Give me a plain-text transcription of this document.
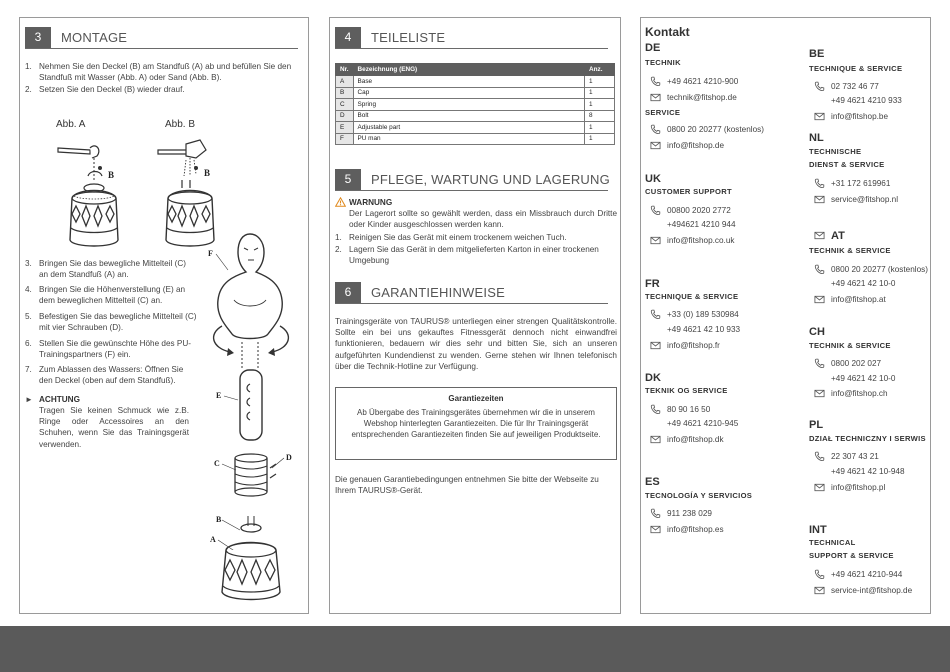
3	MONTAGE
1. Nehmen Sie den Deckel (B) am Standfuß (A) ab und befüllen Sie den Standfuß mit Wasser (Abb. A) oder Sand (Abb. B).
2. Setzen Sie den Deckel (B) wieder drauf.
Abb. A	Abb. B
B	B
3. Bringen Sie das bewegliche Mittelteil (C) an dem Standfuß (A) an.
4. Bringen Sie die Höhenverstellung (E) an dem beweglichen Mittelteil (C) an.
5. Befestigen Sie das bewegliche Mittelteil (C) mit vier Schrauben (D).
6. Stellen Sie die gewünschte Höhe des PU-Trainingspartners (F) ein.
7. Zum Ablassen des Wassers: Öffnen Sie den Deckel (oben auf dem Standfuß).
► ACHTUNG
Tragen Sie keinen Schmuck wie z.B. Ringe oder Accessoires an den Schuhen, wenn Sie das Trainingsgerät verwenden.
F
E
C
D
B
A
4	TEILELISTE
Nr.	Bezeichnung (ENG)	Anz.
A	Base	1
B	Cap	1
C	Spring	1
D	Bolt	8
E	Adjustable part	1
F	PU man	1
5	PFLEGE, WARTUNG UND LAGERUNG
WARNUNG
Der Lagerort sollte so gewählt werden, dass ein Missbrauch durch Dritte oder Kinder ausgeschlossen werden kann.
1. Reinigen Sie das Gerät mit einem trockenem weichen Tuch.
2. Lagern Sie das Gerät in dem mitgelieferten Karton in einer trockenen Umgebung
6	GARANTIEHINWEISE
Trainingsgeräte von TAURUS® unterliegen einer strengen Qualitätskontrolle. Sollte ein bei uns gekauftes Fitnessgerät dennoch nicht einwandfrei funktionieren, bedauern wir dies sehr und bitten Sie, sich an unseren aufgeführten Kundendienst zu wenden. Gerne stehen wir Ihnen telefonisch über die Technik-Hotline zur Verfügung.
Garantiezeiten
Ab Übergabe des Trainingsgerätes übernehmen wir die in unserem Webshop hinterlegten Garantiezeiten. Die für Ihr Trainingsgerät entsprechenden Garantiezeiten finden Sie auf jeweiligen Produktseite.
Die genauen Garantiebedingungen entnehmen Sie bitte der Webseite zu Ihrem TAURUS®-Gerät.
Kontakt
DE
TECHNIK
+49 4621 4210-900
technik@fitshop.de
SERVICE
0800 20 20277 (kostenlos)
info@fitshop.de
UK
CUSTOMER SUPPORT
00800 2020 2772
+494621 4210 944
info@fitshop.co.uk
FR
TECHNIQUE & SERVICE
+33 (0) 189 530984
+49 4621 42 10 933
info@fitshop.fr
DK
TEKNIK OG SERVICE
80 90 16 50
+49 4621 4210-945
info@fitshop.dk
ES
TECNOLOGÍA Y SERVICIOS
911 238 029
info@fitshop.es
BE
TECHNIQUE & SERVICE
02 732 46 77
+49 4621 4210 933
info@fitshop.be
NL
TECHNISCHE
DIENST & SERVICE
+31 172 619961
service@fitshop.nl
AT
TECHNIK & SERVICE
0800 20 20277 (kostenlos)
+49 4621 42 10-0
info@fitshop.at
CH
TECHNIK & SERVICE
0800 202 027
+49 4621 42 10-0
info@fitshop.ch
PL
DZIAŁ TECHNICZNY I SERWIS
22 307 43 21
+49 4621 42 10-948
info@fitshop.pl
INT
TECHNICAL
SUPPORT & SERVICE
+49 4621 4210-944
service-int@fitshop.de
